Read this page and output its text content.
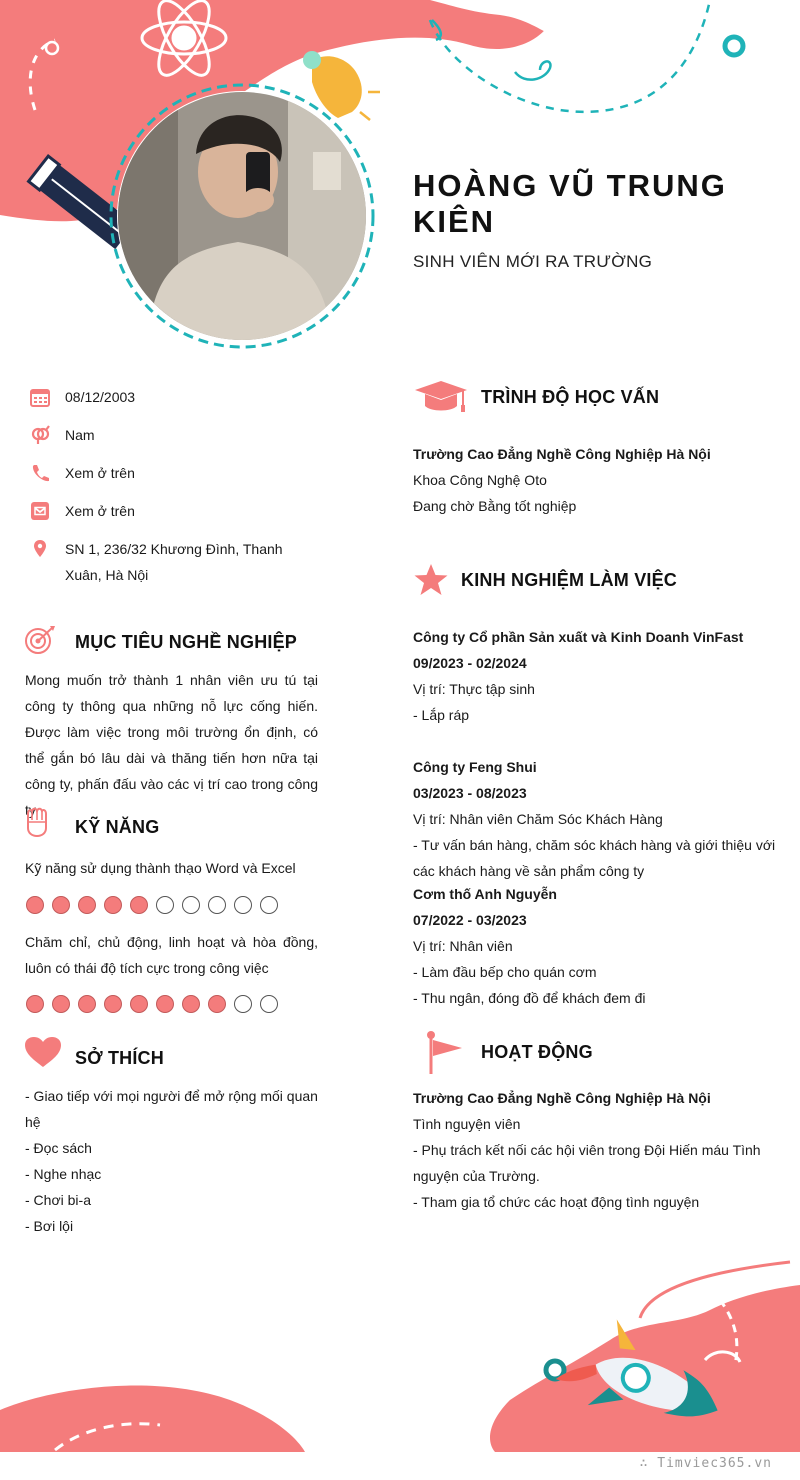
HOÀNG VŨ TRUNG KIÊN
SINH VIÊN MỚI RA TRƯỜNG
08/12/2003
Nam
Xem ở trên
Xem ở trên
SN 1, 236/32 Khương Đình, Thanh Xuân, Hà Nội
MỤC TIÊU NGHỀ NGHIỆP
Mong muốn trở thành 1 nhân viên ưu tú tại công ty thông qua những nỗ lực cống hiến. Được làm việc trong môi trường ổn định, có thể gắn bó lâu dài và thăng tiến hơn nữa tại công ty, phấn đấu vào các vị trí cao trong công ty
KỸ NĂNG
Kỹ năng sử dụng thành thạo Word và Excel
Chăm chỉ, chủ động, linh hoạt và hòa đồng, luôn có thái độ tích cực trong công việc
SỞ THÍCH
- Giao tiếp với mọi người để mở rộng mối quan hệ
- Đọc sách
- Nghe nhạc
- Chơi bi-a
- Bơi lội
TRÌNH ĐỘ HỌC VẤN
Trường Cao Đẳng Nghề Công Nghiệp Hà Nội
Khoa Công Nghệ Oto
Đang chờ Bằng tốt nghiệp
KINH NGHIỆM LÀM VIỆC
Công ty Cổ phần Sản xuất và Kinh Doanh VinFast
09/2023 - 02/2024
Vị trí: Thực tập sinh
- Lắp ráp
Công ty Feng Shui
03/2023 - 08/2023
Vị trí: Nhân viên Chăm Sóc Khách Hàng
- Tư vấn bán hàng, chăm sóc khách hàng và giới thiệu với các khách hàng về sản phẩm công ty
Cơm thố Anh Nguyễn
07/2022 - 03/2023
Vị trí: Nhân viên
- Làm đầu bếp cho quán cơm
- Thu ngân, đóng đồ để khách đem đi
HOẠT ĐỘNG
Trường Cao Đẳng Nghề Công Nghiệp Hà Nội
Tình nguyện viên
- Phụ trách kết nối các hội viên trong Đội Hiến máu Tình nguyện của Trường.
- Tham gia tổ chức các hoạt động tình nguyện
∴ Timviec365.vn
